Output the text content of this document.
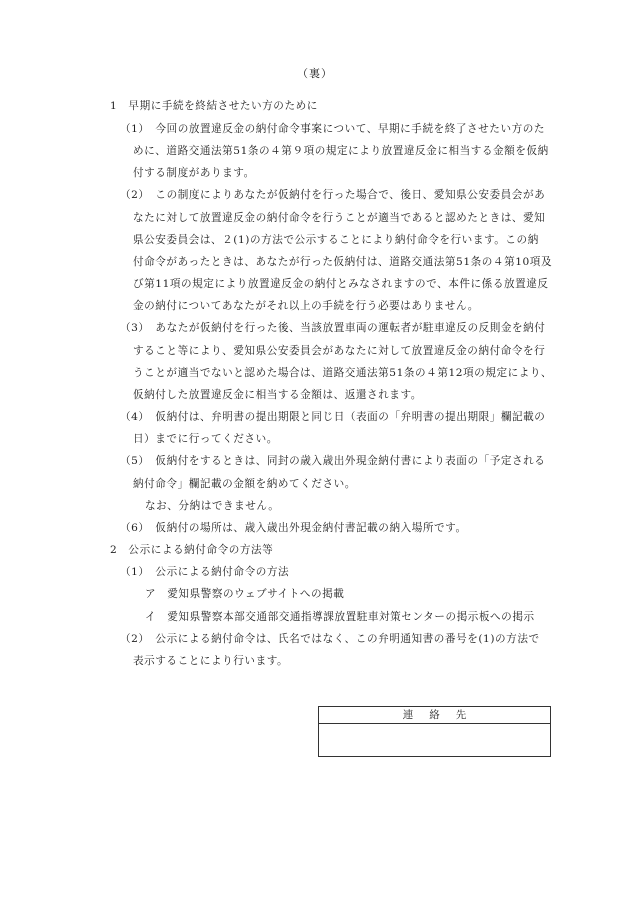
（裏）
1　早期に手続を終結させたい方のために
（1）　今回の放置違反金の納付命令事案について、早期に手続を終了させたい方のた
めに、道路交通法第51条の４第９項の規定により放置違反金に相当する金額を仮納
付する制度があります。
（2）　この制度によりあなたが仮納付を行った場合で、後日、愛知県公安委員会があ
なたに対して放置違反金の納付命令を行うことが適当であると認めたときは、愛知
県公安委員会は、２(1)の方法で公示することにより納付命令を行います。この納
付命令があったときは、あなたが行った仮納付は、道路交通法第51条の４第10項及
び第11項の規定により放置違反金の納付とみなされますので、本件に係る放置違反
金の納付についてあなたがそれ以上の手続を行う必要はありません。
（3）　あなたが仮納付を行った後、当該放置車両の運転者が駐車違反の反則金を納付
すること等により、愛知県公安委員会があなたに対して放置違反金の納付命令を行
うことが適当でないと認めた場合は、道路交通法第51条の４第12項の規定により、
仮納付した放置違反金に相当する金額は、返還されます。
（4）　仮納付は、弁明書の提出期限と同じ日（表面の「弁明書の提出期限」欄記載の
日）までに行ってください。
（5）　仮納付をするときは、同封の歳入歳出外現金納付書により表面の「予定される
納付命令」欄記載の金額を納めてください。
なお、分納はできません。
（6）　仮納付の場所は、歳入歳出外現金納付書記載の納入場所です。
2　公示による納付命令の方法等
（1）　公示による納付命令の方法
ア　愛知県警察のウェブサイトへの掲載
イ　愛知県警察本部交通部交通指導課放置駐車対策センターの掲示板への掲示
（2）　公示による納付命令は、氏名ではなく、この弁明通知書の番号を(1)の方法で
表示することにより行います。
連絡先
